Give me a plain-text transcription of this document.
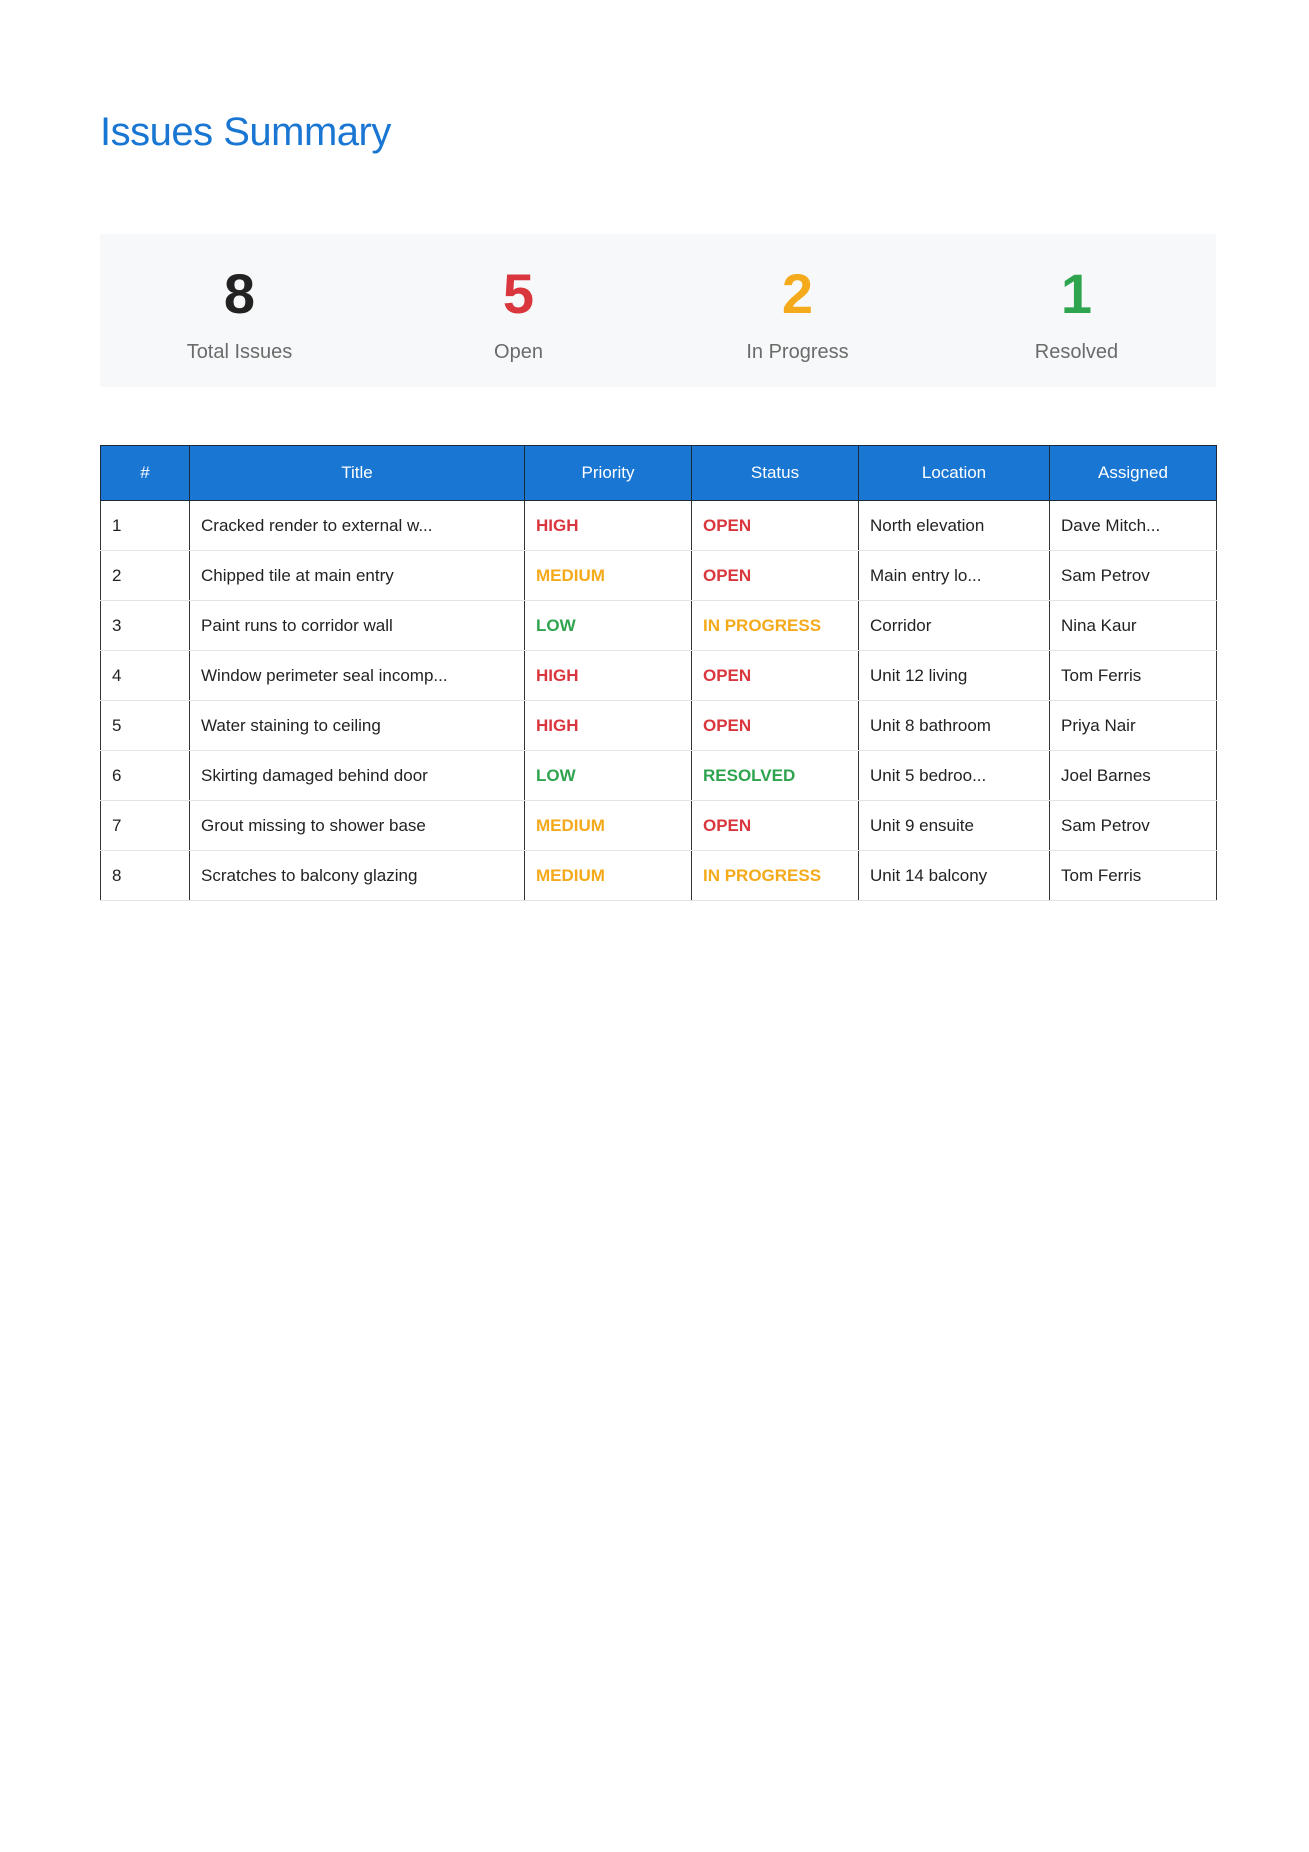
Issues Summary
8
Total Issues
5
Open
2
In Progress
1
Resolved
#	Title	Priority	Status	Location	Assigned
1	Cracked render to external w...	HIGH	OPEN	North elevation	Dave Mitch...
2	Chipped tile at main entry	MEDIUM	OPEN	Main entry lo...	Sam Petrov
3	Paint runs to corridor wall	LOW	IN PROGRESS	Corridor	Nina Kaur
4	Window perimeter seal incomp...	HIGH	OPEN	Unit 12 living	Tom Ferris
5	Water staining to ceiling	HIGH	OPEN	Unit 8 bathroom	Priya Nair
6	Skirting damaged behind door	LOW	RESOLVED	Unit 5 bedroo...	Joel Barnes
7	Grout missing to shower base	MEDIUM	OPEN	Unit 9 ensuite	Sam Petrov
8	Scratches to balcony glazing	MEDIUM	IN PROGRESS	Unit 14 balcony	Tom Ferris
